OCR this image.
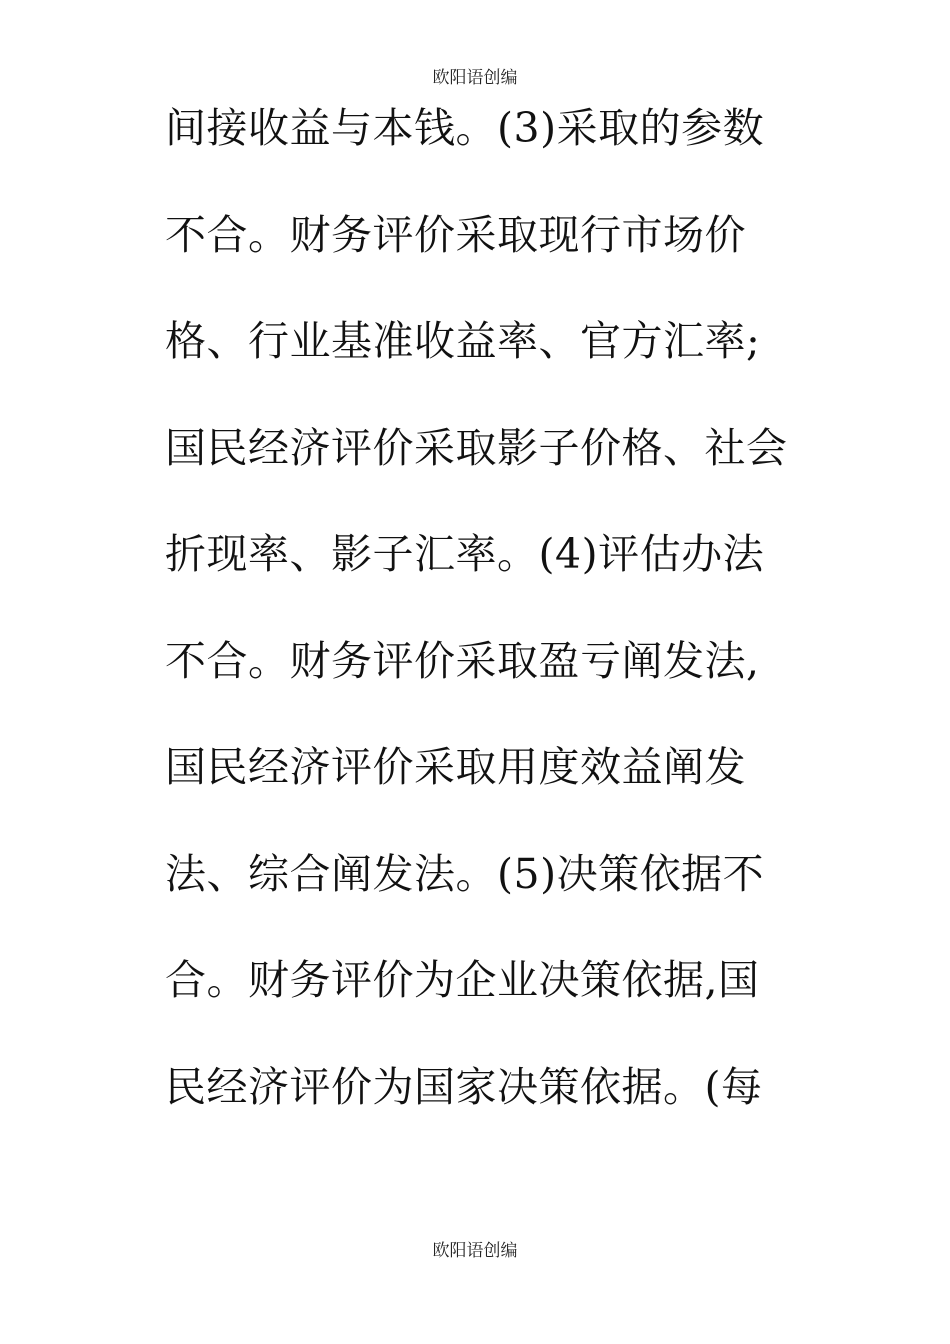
欧阳语创编
间接收益与本钱。(3)采取的参数
不合。财务评价采取现行市场价
格、行业基准收益率、官方汇率;
国民经济评价采取影子价格、社会
折现率、影子汇率。(4)评估办法
不合。财务评价采取盈亏阐发法,
国民经济评价采取用度效益阐发
法、综合阐发法。(5)决策依据不
合。财务评价为企业决策依据,国
民经济评价为国家决策依据。(每
欧阳语创编
